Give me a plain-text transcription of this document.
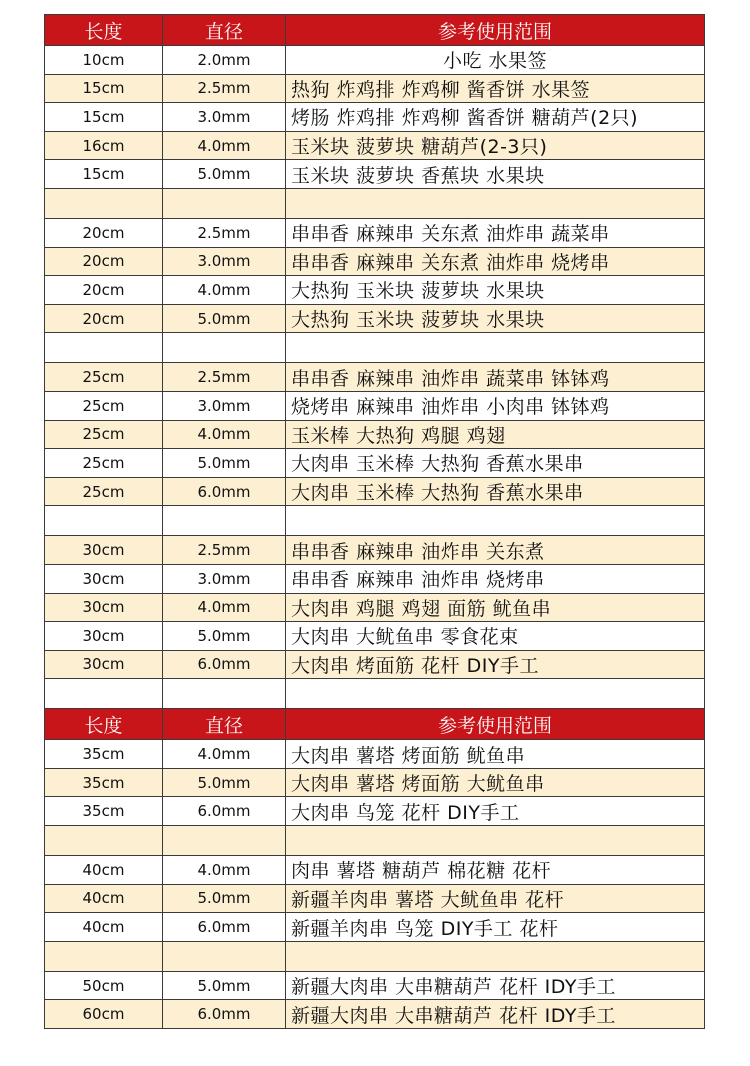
长度	直径	参考使用范围
10cm	2.0mm	小吃 水果签
15cm	2.5mm	热狗 炸鸡排 炸鸡柳 酱香饼 水果签
15cm	3.0mm	烤肠 炸鸡排 炸鸡柳 酱香饼 糖葫芦(2只)
16cm	4.0mm	玉米块 菠萝块 糖葫芦(2-3只)
15cm	5.0mm	玉米块 菠萝块 香蕉块 水果块

20cm	2.5mm	串串香 麻辣串 关东煮 油炸串 蔬菜串
20cm	3.0mm	串串香 麻辣串 关东煮 油炸串 烧烤串
20cm	4.0mm	大热狗 玉米块 菠萝块 水果块
20cm	5.0mm	大热狗 玉米块 菠萝块 水果块

25cm	2.5mm	串串香 麻辣串 油炸串 蔬菜串 钵钵鸡
25cm	3.0mm	烧烤串 麻辣串 油炸串 小肉串 钵钵鸡
25cm	4.0mm	玉米棒 大热狗 鸡腿 鸡翅
25cm	5.0mm	大肉串 玉米棒 大热狗 香蕉水果串
25cm	6.0mm	大肉串 玉米棒 大热狗 香蕉水果串

30cm	2.5mm	串串香 麻辣串 油炸串 关东煮
30cm	3.0mm	串串香 麻辣串 油炸串 烧烤串
30cm	4.0mm	大肉串 鸡腿 鸡翅 面筋 鱿鱼串
30cm	5.0mm	大肉串 大鱿鱼串 零食花束
30cm	6.0mm	大肉串 烤面筋 花杆 DIY手工

长度	直径	参考使用范围
35cm	4.0mm	大肉串 薯塔 烤面筋 鱿鱼串
35cm	5.0mm	大肉串 薯塔 烤面筋 大鱿鱼串
35cm	6.0mm	大肉串 鸟笼 花杆 DIY手工

40cm	4.0mm	肉串 薯塔 糖葫芦 棉花糖 花杆
40cm	5.0mm	新疆羊肉串 薯塔 大鱿鱼串 花杆
40cm	6.0mm	新疆羊肉串 鸟笼 DIY手工 花杆

50cm	5.0mm	新疆大肉串 大串糖葫芦 花杆 IDY手工
60cm	6.0mm	新疆大肉串 大串糖葫芦 花杆 IDY手工
